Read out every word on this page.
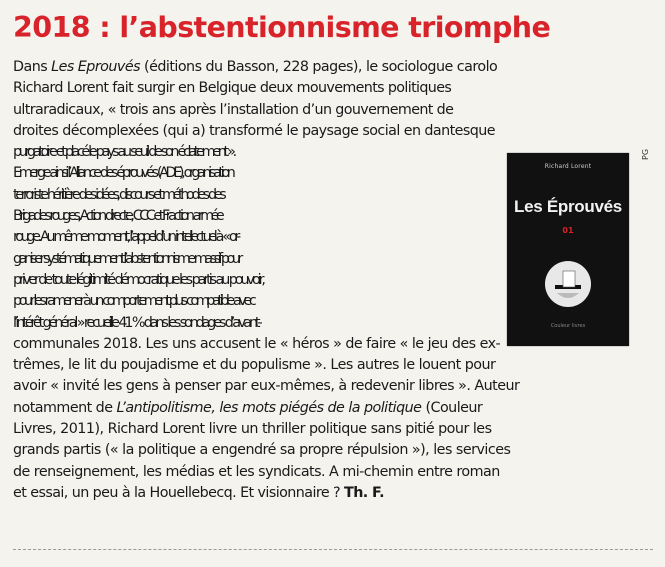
2018 : l’abstentionnisme triomphe
Dans Les Eprouvés (éditions du Basson, 228 pages), le sociologue carolo
Richard Lorent fait surgir en Belgique deux mouvements politiques
ultraradicaux, « trois ans après l’installation d’un gouvernement de
droites décomplexées (qui a) transformé le paysage social en dantesque
purgatoire et placé le pays au seuil de son éclatement ».
Emerge ainsi l’Alliance des éprouvés (ADE), organisation
terroriste héritière des idées, discours et méthodes des
Brigades rouges, Action directe, CCC et Fraction armée
rouge. Au même moment, l’appel d’un intellectuel à « or-
ganiser systématiquement l’abstentionnisme massif pour
priver de toute légitimité démocratique les partis au pouvoir,
pour les ramener à un comportement plus compatible avec
l’intérêt général » recueille 41 % dans les sondages d’avant-
communales 2018. Les uns accusent le « héros » de faire « le jeu des ex-
trêmes, le lit du poujadisme et du populisme ». Les autres le louent pour
avoir « invité les gens à penser par eux-mêmes, à redevenir libres ». Auteur
notamment de L’antipolitisme, les mots piégés de la politique (Couleur
Livres, 2011), Richard Lorent livre un thriller politique sans pitié pour les
grands partis (« la politique a engendré sa propre répulsion »), les services
de renseignement, les médias et les syndicats. A mi-chemin entre roman
et essai, un peu à la Houellebecq. Et visionnaire ? Th. F.
Richard Lorent
Les Éprouvés
01
Couleur livres
PG
